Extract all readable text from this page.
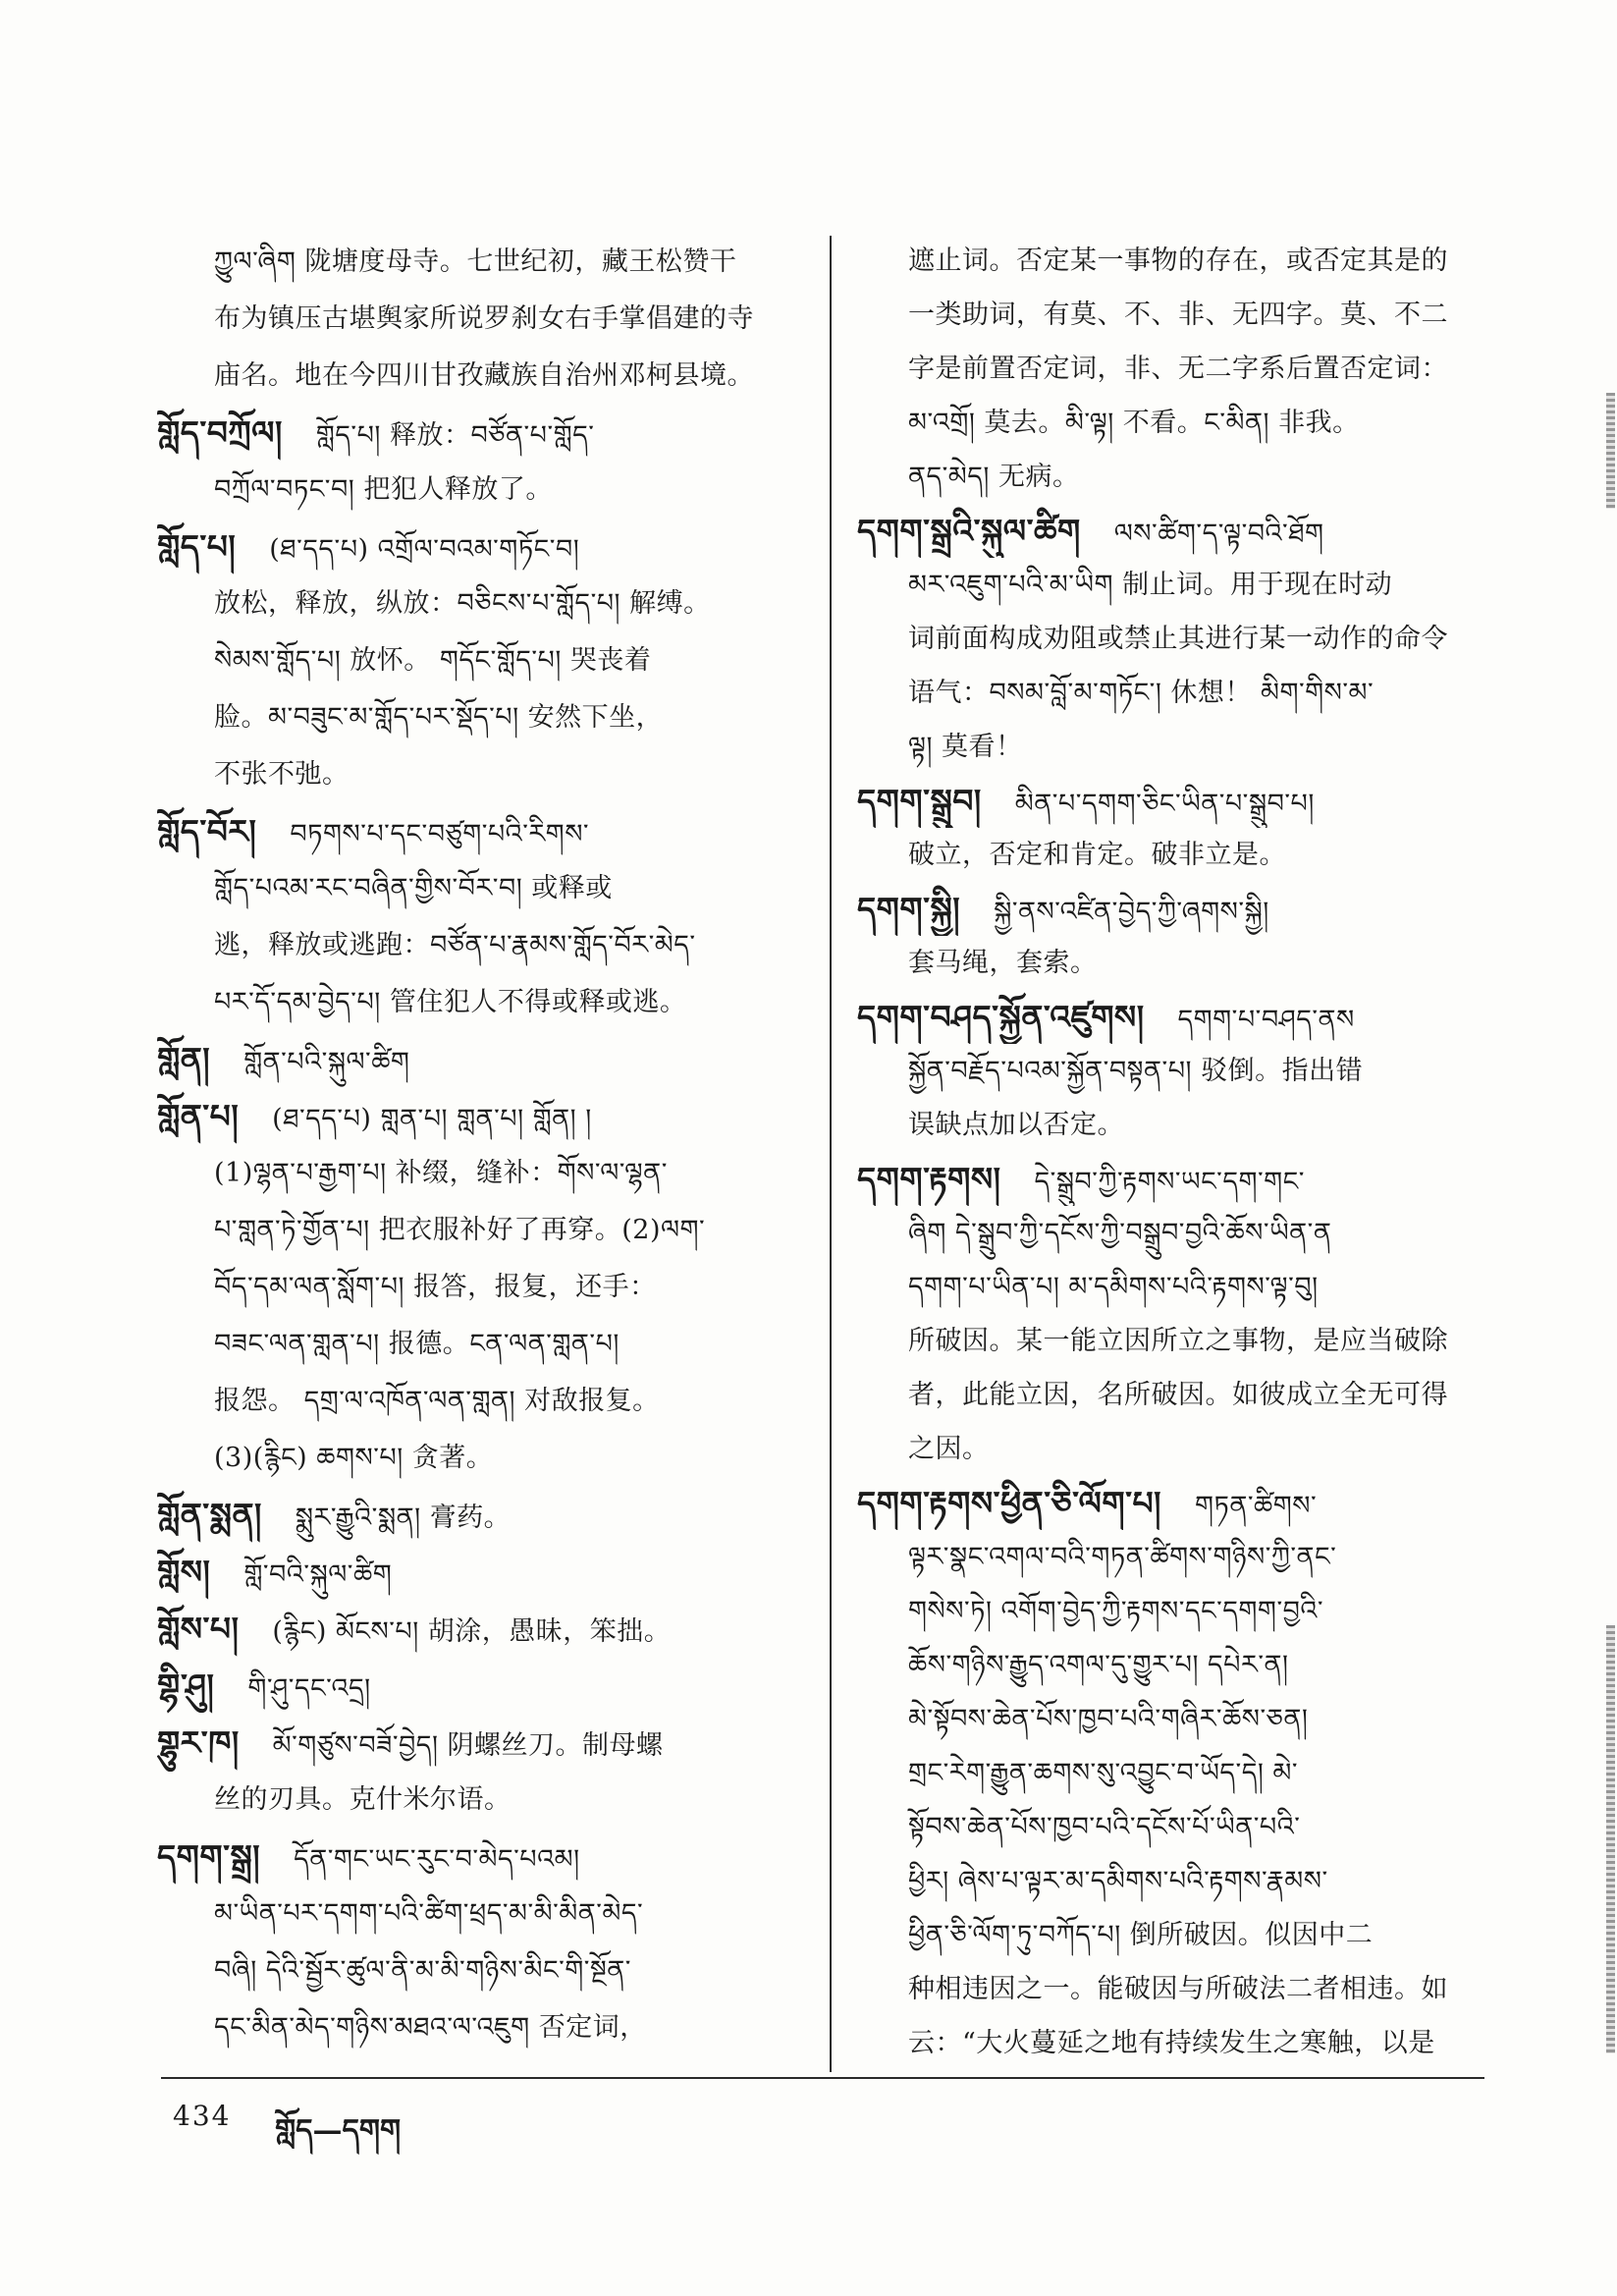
ཀྱུལ་ཞིག 陇塘度母寺。七世纪初，藏王松赞干
布为镇压古堪舆家所说罗刹女右手掌倡建的寺
庙名。地在今四川甘孜藏族自治州邓柯县境。
གློད་བཀྲོལ། གློད་པ། 释放：བཙོན་པ་གློད་
བཀྲོལ་བཏང་བ། 把犯人释放了。
གློད་པ། (ཐ་དད་པ) འགྲོལ་བའམ་གཏོང་བ།
放松，释放，纵放：བཅིངས་པ་གློད་པ། 解缚。
སེམས་གློད་པ། 放怀。 གདོང་གློད་པ། 哭丧着
脸。མ་བཟུང་མ་གློད་པར་སྡོད་པ། 安然下坐，
不张不弛。
གློད་བོར། བཏགས་པ་དང་བཙུག་པའི་རིགས་
གློད་པའམ་རང་བཞིན་གྱིས་བོར་བ། 或释或
逃，释放或逃跑：བཙོན་པ་རྣམས་གློད་བོར་མེད་
པར་དོ་དམ་བྱེད་པ། 管住犯人不得或释或逃。
གློན། གློན་པའི་སྐུལ་ཚིག
གློན་པ། (ཐ་དད་པ) གླན་པ། གླན་པ། གློན། །
(1)ལྷན་པ་རྒྱག་པ། 补缀，缝补：གོས་ལ་ལྷན་
པ་གླན་ཏེ་གྱོན་པ། 把衣服补好了再穿。(2)ལག་
བོད་དམ་ལན་སློག་པ། 报答，报复，还手：
བཟང་ལན་གླན་པ། 报德。ངན་ལན་གླན་པ།
报怨。 དགྲ་ལ་འཁོན་ལན་གླན། 对敌报复。
(3)(རྙིང) ཆགས་པ། 贪著。
གློན་སྨན། སྨུར་རྒྱུའི་སྨན། 膏药。
གློས། གློ་བའི་སྐུལ་ཚིག
གློས་པ། (རྙིང) མོངས་པ། 胡涂，愚昧，笨拙。
གྷི་ཤུ། གི་ཤུ་དང་འདྲ།
གྷུར་ཁ། མོ་གཙུས་བཟོ་བྱེད། 阴螺丝刀。制母螺
丝的刃具。克什米尔语。
དགག་སྒྲ། དོན་གང་ཡང་རུང་བ་མེད་པའམ།
མ་ཡིན་པར་དགག་པའི་ཚིག་ཕྲད་མ་མི་མིན་མེད་
བཞི། དེའི་སྦྱོར་ཚུལ་ནི་མ་མི་གཉིས་མིང་གི་སྔོན་
དང་མིན་མེད་གཉིས་མཐའ་ལ་འཇུག 否定词，
遮止词。否定某一事物的存在，或否定其是的
一类助词，有莫、不、非、无四字。莫、不二
字是前置否定词，非、无二字系后置否定词：
མ་འགྲོ། 莫去。མི་ལྟ། 不看。ང་མིན། 非我。
ནད་མེད། 无病。
དགག་སྒྲའི་སྐུལ་ཚིག ལས་ཚིག་ད་ལྟ་བའི་ཐོག
མར་འཇུག་པའི་མ་ཡིག 制止词。用于现在时动
词前面构成劝阻或禁止其进行某一动作的命令
语气：བསམ་བློ་མ་གཏོང་། 休想！ མིག་གིས་མ་
ལྟ། 莫看！
དགག་སྒྲུབ། མིན་པ་དགག་ཅིང་ཡིན་པ་སྒྲུབ་པ།
破立，否定和肯定。破非立是。
དགག་སྐྱི། སྐྱི་ནས་འཛིན་བྱེད་ཀྱི་ཞགས་སྐྱི།
套马绳，套索。
དགག་བཤད་སྐྱོན་འཛུགས། དགག་པ་བཤད་ནས
སྐྱོན་བརྗོད་པའམ་སྐྱོན་བསྟན་པ། 驳倒。指出错
误缺点加以否定。
དགག་རྟགས། དེ་སྒྲུབ་ཀྱི་རྟགས་ཡང་དག་གང་
ཞིག དེ་སྒྲུབ་ཀྱི་དངོས་ཀྱི་བསྒྲུབ་བྱའི་ཆོས་ཡིན་ན
དགག་པ་ཡིན་པ། མ་དམིགས་པའི་རྟགས་ལྟ་བུ།
所破因。某一能立因所立之事物，是应当破除
者，此能立因，名所破因。如彼成立全无可得
之因。
དགག་རྟགས་ཕྱིན་ཅི་ལོག་པ། གཏན་ཚིགས་
ལྟར་སྣང་འགལ་བའི་གཏན་ཚིགས་གཉིས་ཀྱི་ནང་
གསེས་ཏེ། འགོག་བྱེད་ཀྱི་རྟགས་དང་དགག་བྱའི་
ཆོས་གཉིས་རྒྱུད་འགལ་དུ་གྱུར་པ། དཔེར་ན།
མེ་སྟོབས་ཆེན་པོས་ཁྱབ་པའི་གཞིར་ཆོས་ཅན།
གྲང་རེག་རྒྱུན་ཆགས་སུ་འབྱུང་བ་ཡོད་དེ། མེ་
སྟོབས་ཆེན་པོས་ཁྱབ་པའི་དངོས་པོ་ཡིན་པའི་
ཕྱིར། ཞེས་པ་ལྟར་མ་དམིགས་པའི་རྟགས་རྣམས་
ཕྱིན་ཅི་ལོག་ཏུ་བཀོད་པ། 倒所破因。似因中二
种相违因之一。能破因与所破法二者相违。如
云：“大火蔓延之地有持续发生之寒触，以是
434 གློད—དགག
